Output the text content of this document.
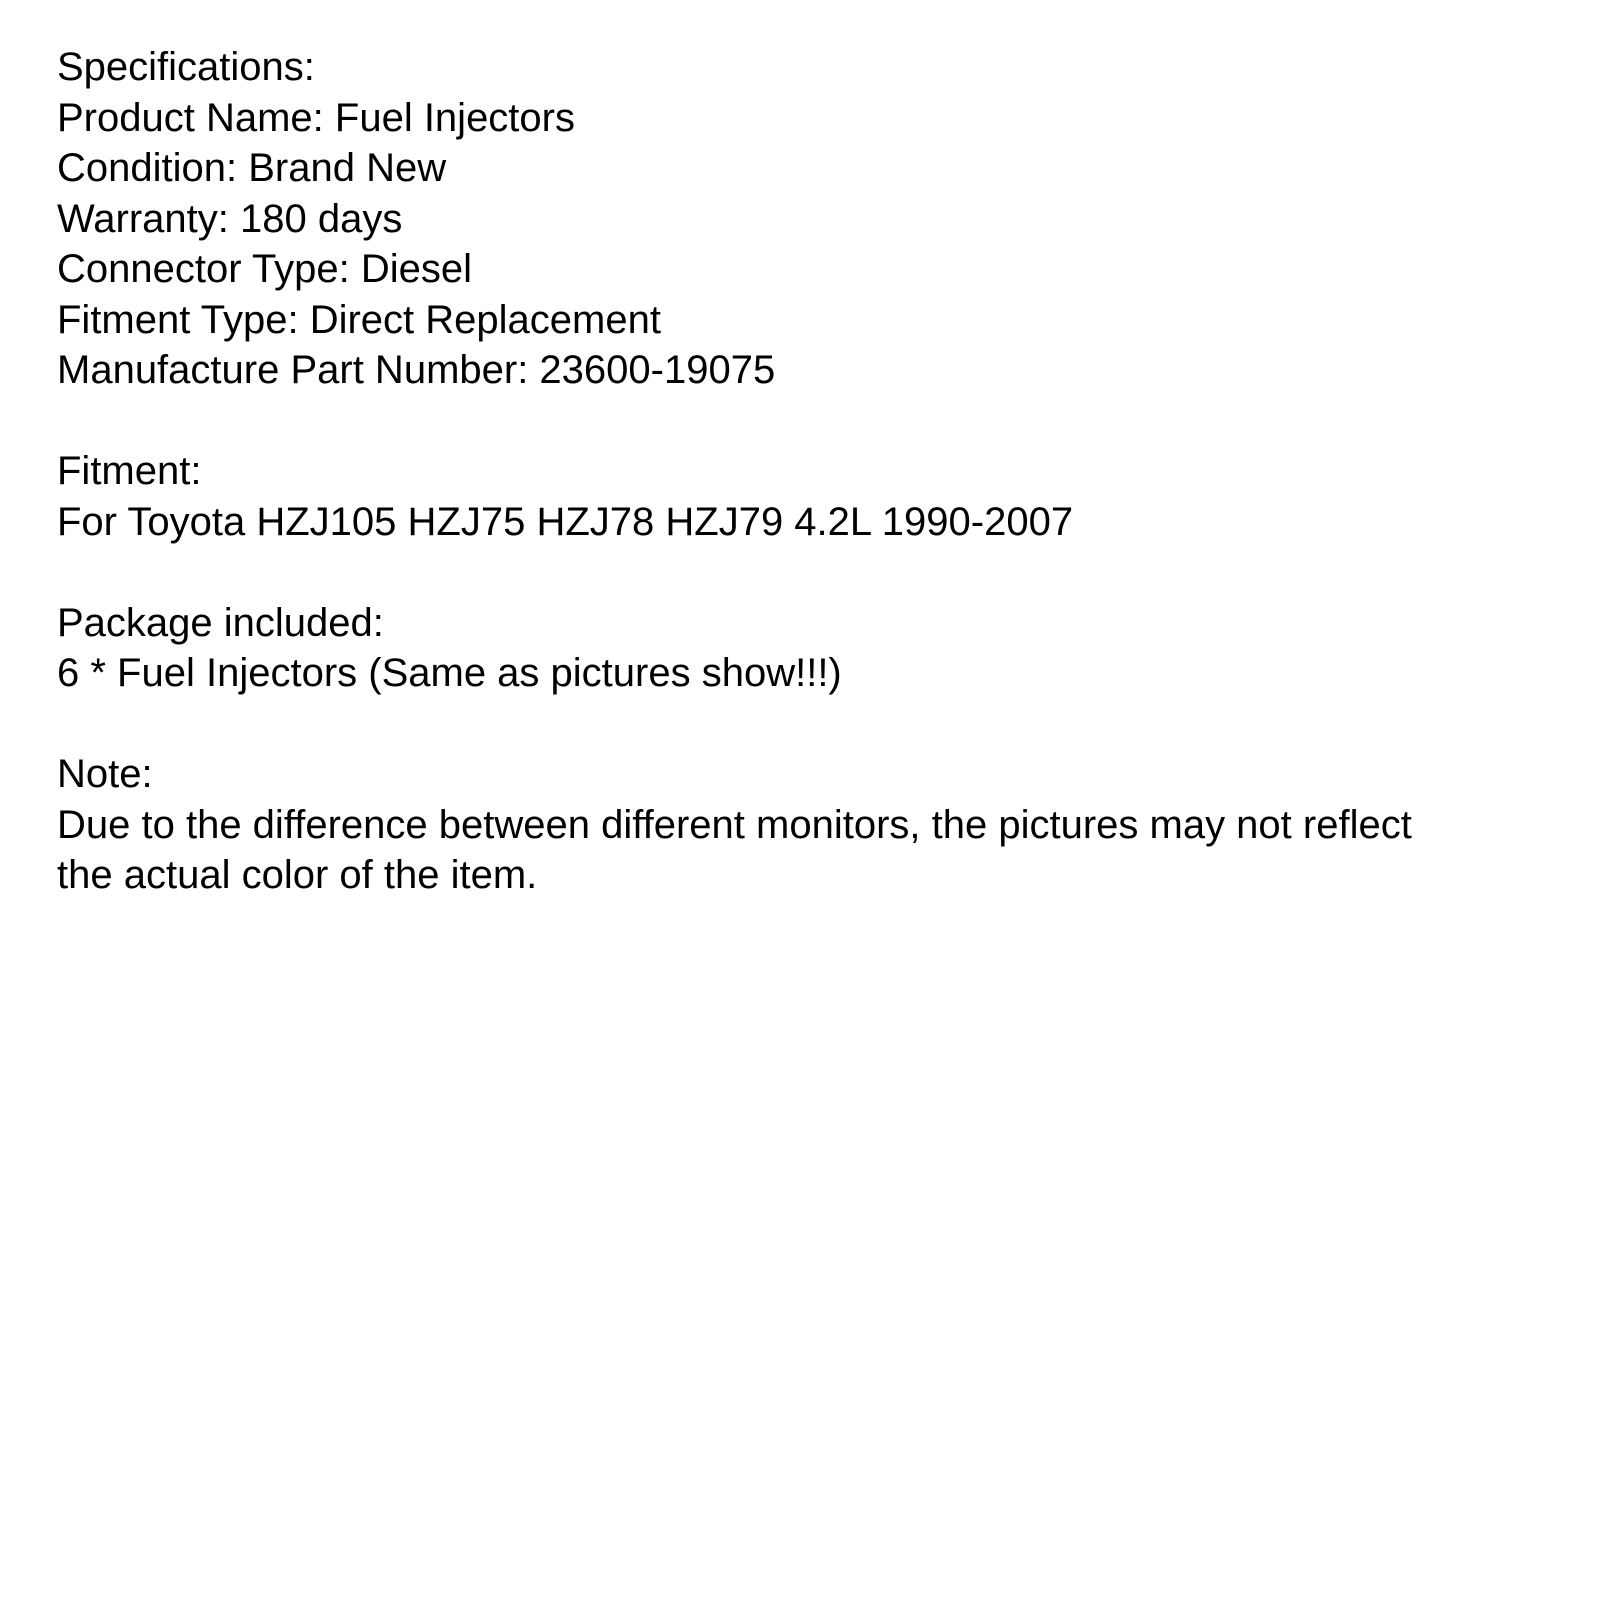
Specifications:
Product Name: Fuel Injectors
Condition: Brand New
Warranty: 180 days
Connector Type: Diesel
Fitment Type: Direct Replacement
Manufacture Part Number: 23600-19075
Fitment:
For Toyota HZJ105 HZJ75 HZJ78 HZJ79 4.2L 1990-2007
Package included:
6 * Fuel Injectors (Same as pictures show!!!)
Note:
Due to the difference between different monitors, the pictures may not reflect
the actual color of the item.
